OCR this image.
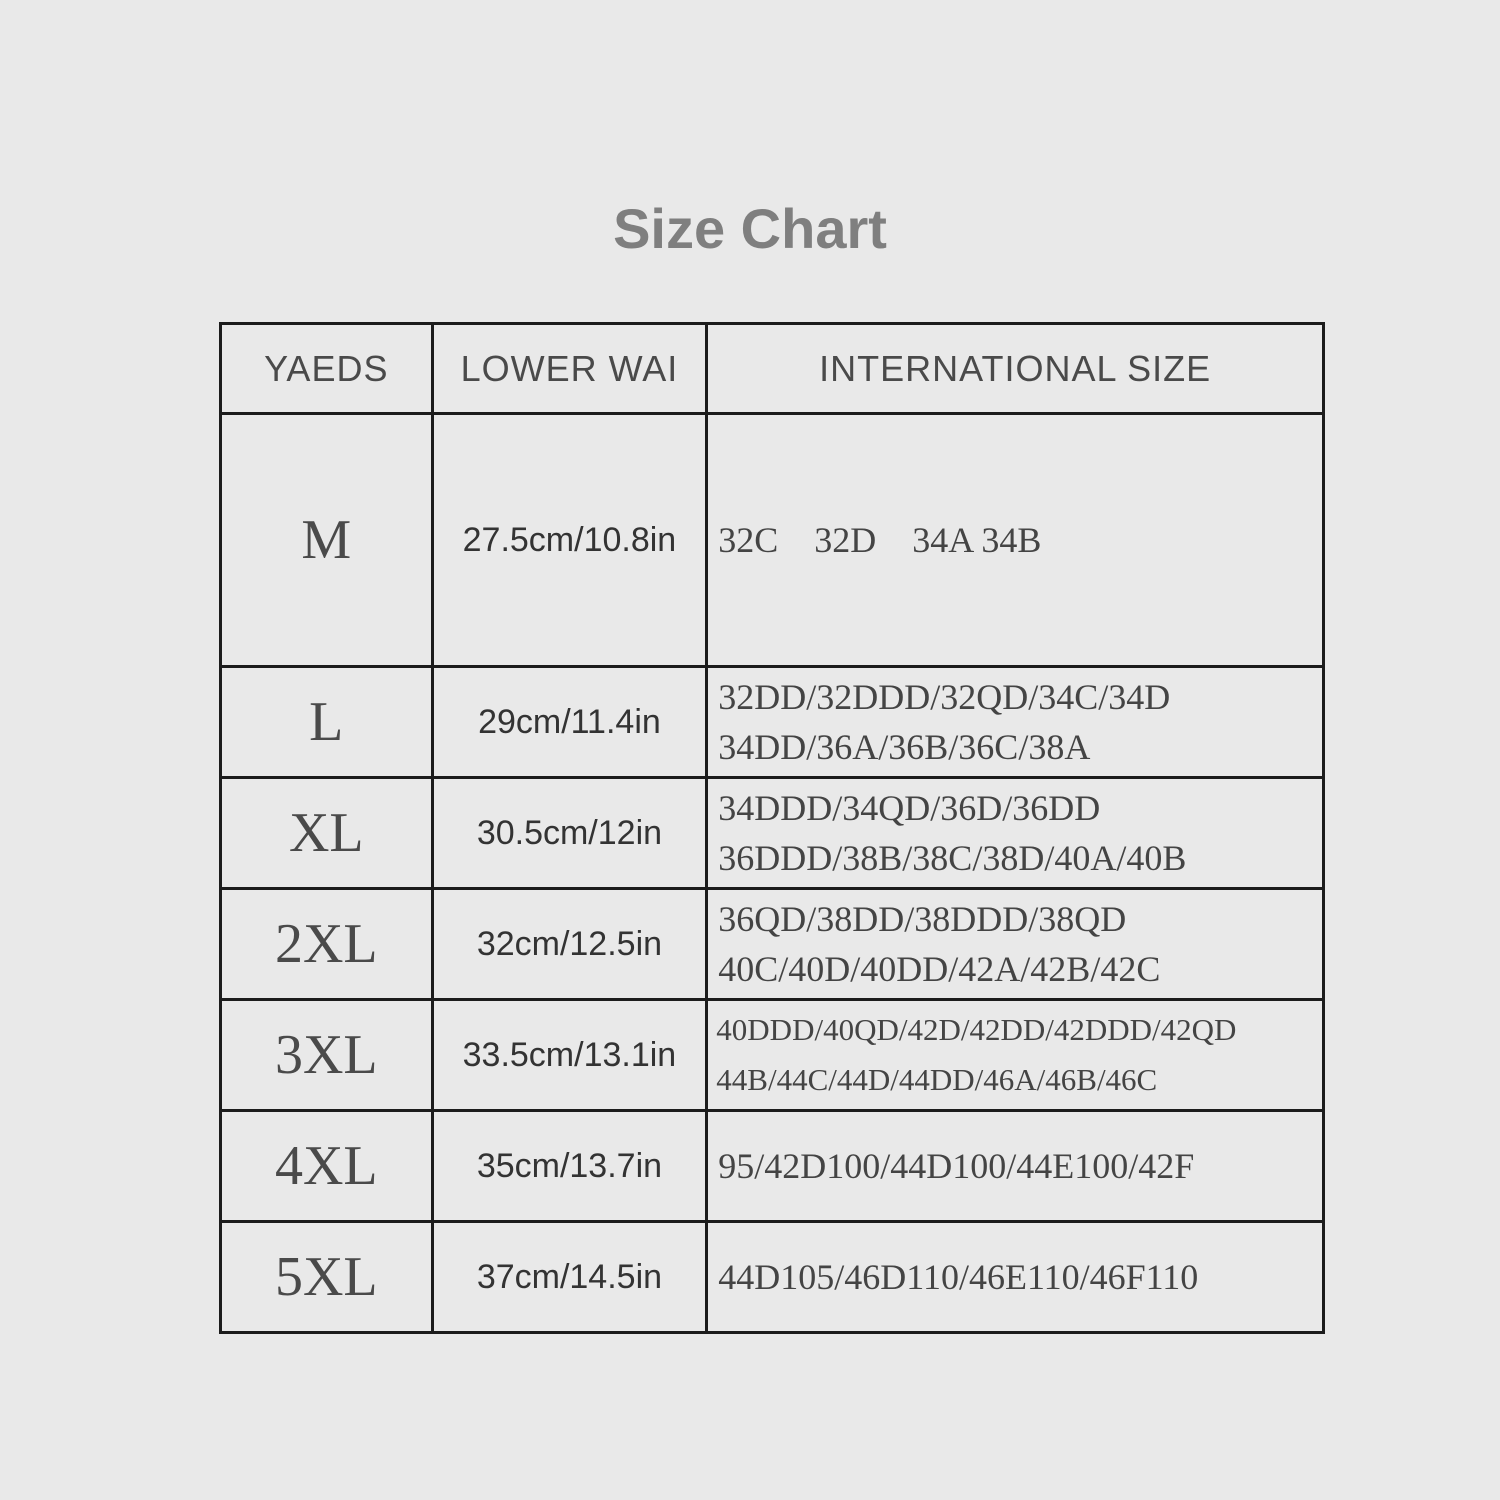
Size Chart
YAEDS	LOWER WAI	INTERNATIONAL SIZE
M	27.5cm/10.8in	32C    32D    34A 34B

L	29cm/11.4in	32DD/32DDD/32QD/34C/34D
34DD/36A/36B/36C/38A

XL	30.5cm/12in	34DDD/34QD/36D/36DD
36DDD/38B/38C/38D/40A/40B

2XL	32cm/12.5in	36QD/38DD/38DDD/38QD
40C/40D/40DD/42A/42B/42C

3XL	33.5cm/13.1in	40DDD/40QD/42D/42DD/42DDD/42QD
44B/44C/44D/44DD/46A/46B/46C

4XL	35cm/13.7in	95/42D100/44D100/44E100/42F

5XL	37cm/14.5in	44D105/46D110/46E110/46F110
